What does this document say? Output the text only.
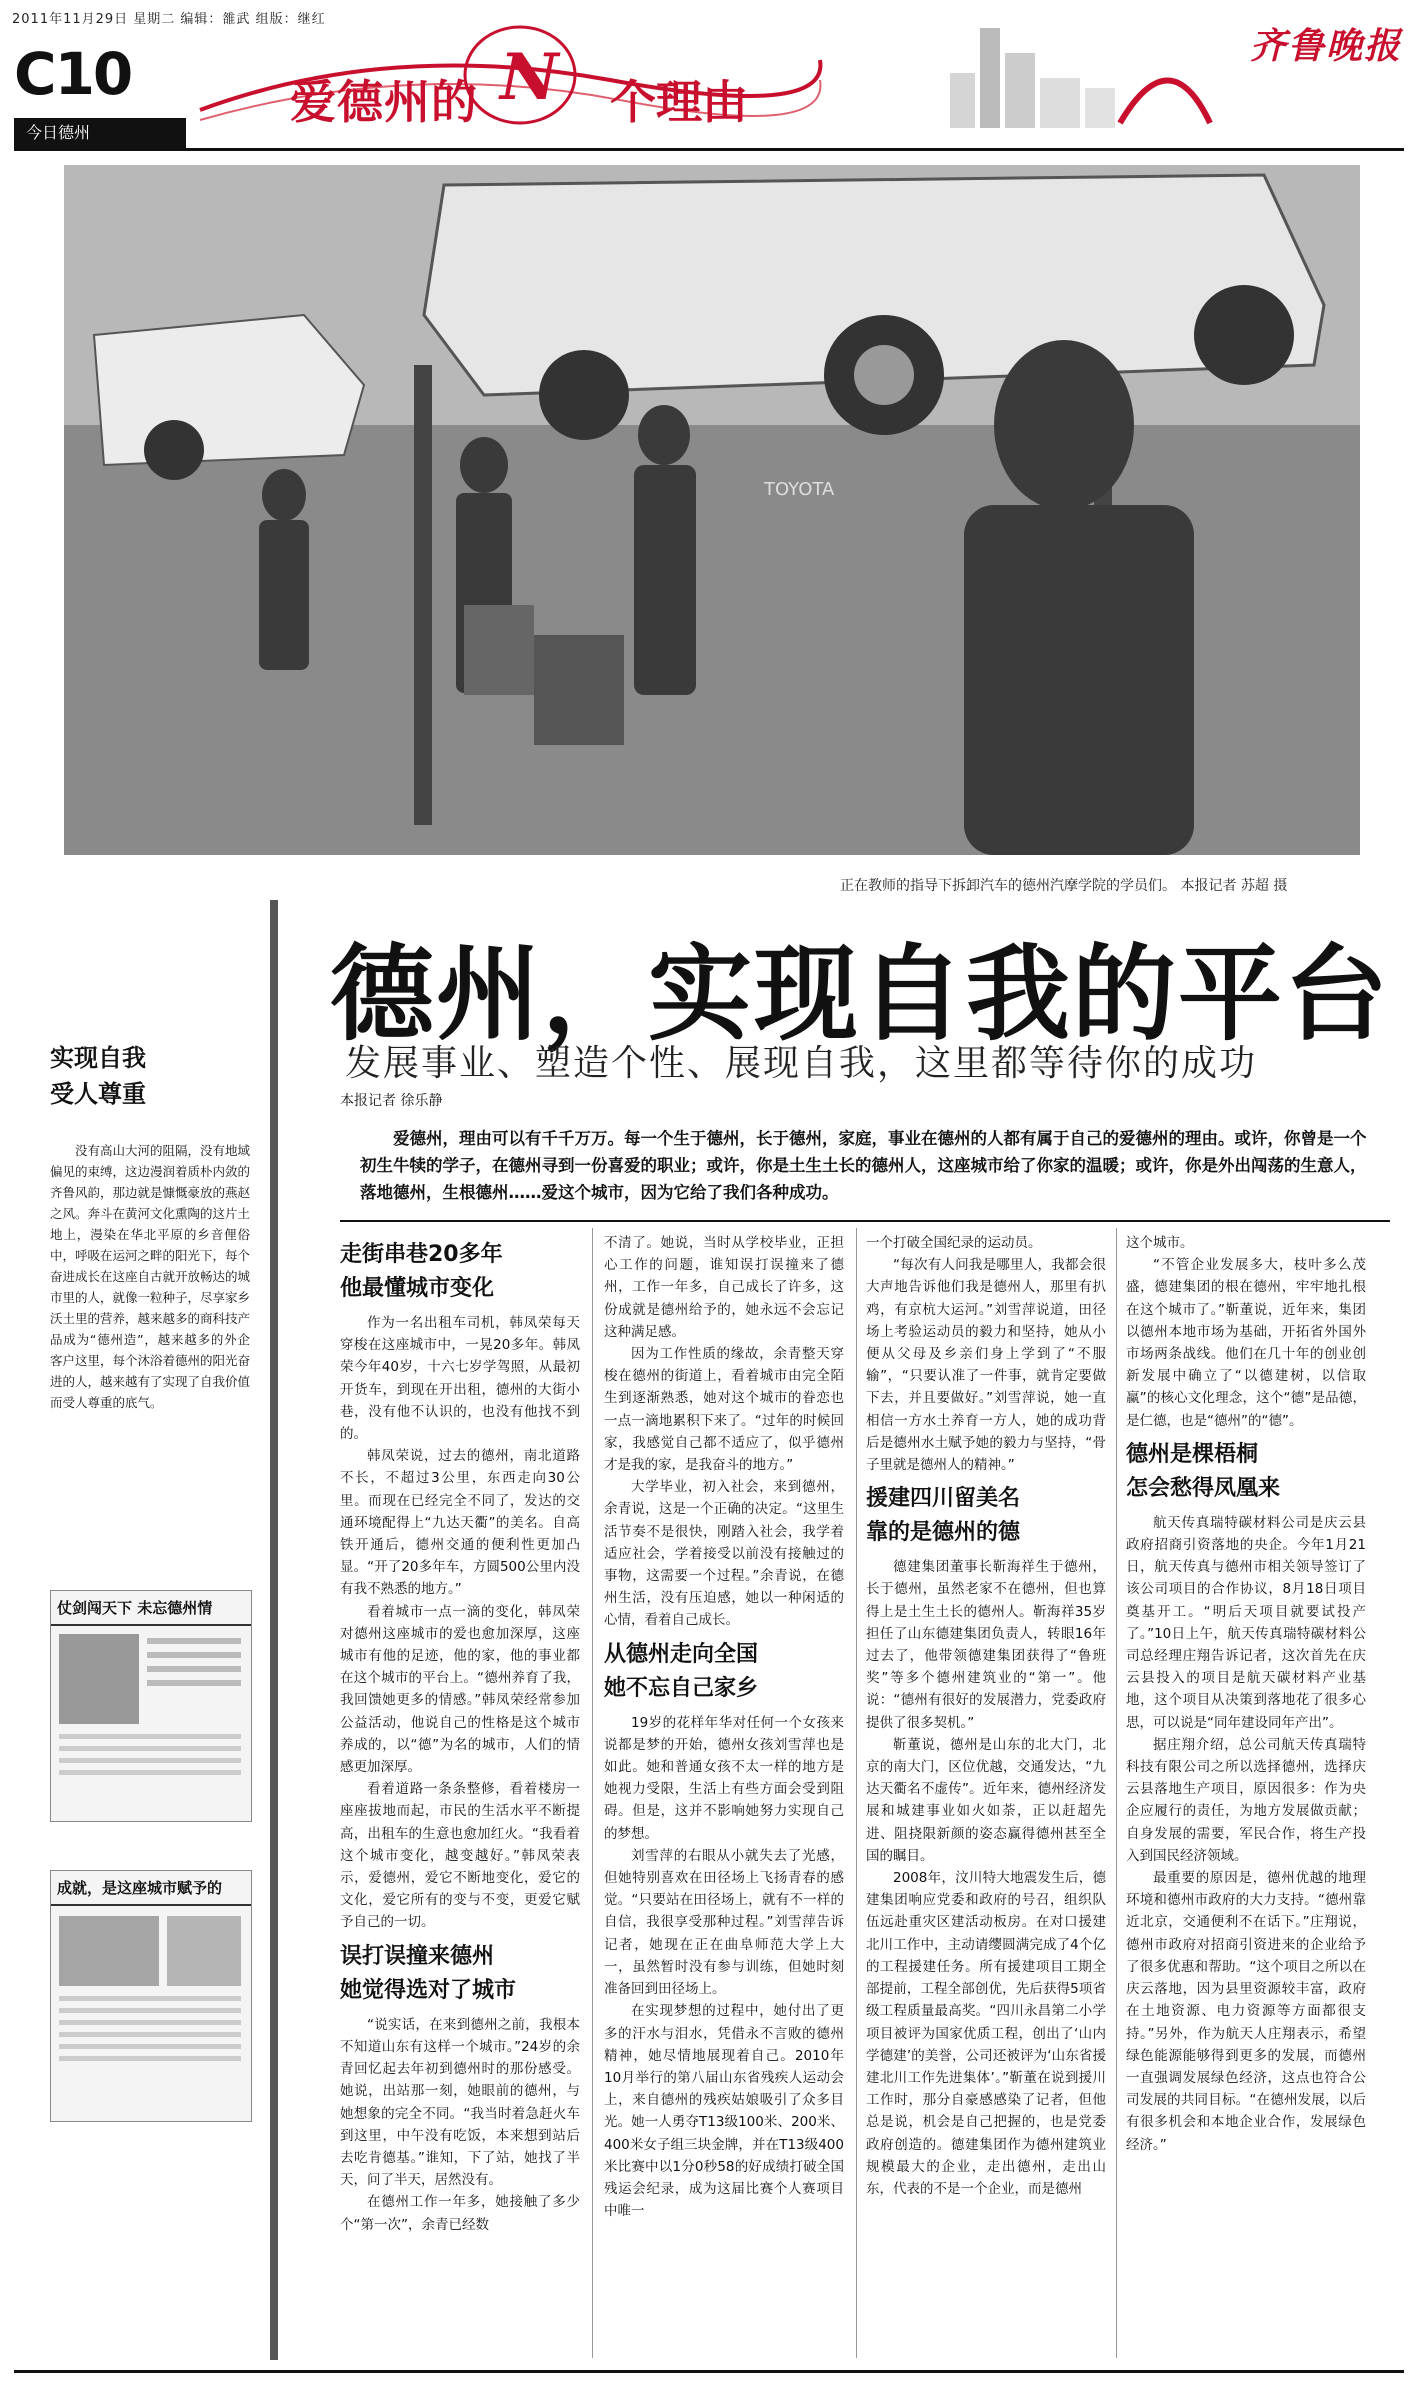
2011年11月29日 星期二 编辑：雒武 组版：继红
C10	爱德州的 N 个理由
齐鲁晚报
今日德州
TOYOTA
正在教师的指导下拆卸汽车的德州汽摩学院的学员们。 本报记者 苏超 摄
实现自我
受人尊重
没有高山大河的阻隔，没有地域偏见的束缚，这边漫润着质朴内敛的齐鲁风韵，那边就是慷慨豪放的燕赵之风。奔斗在黄河文化熏陶的这片土地上，漫染在华北平原的乡音俚俗中，呼吸在运河之畔的阳光下，每个奋进成长在这座自古就开放畅达的城市里的人，就像一粒种子，尽享家乡沃土里的营养，越来越多的商科技产品成为“德州造”，越来越多的外企客户这里，每个沐浴着德州的阳光奋进的人，越来越有了实现了自我价值而受人尊重的底气。
仗剑闯天下 未忘德州情
成就，是这座城市赋予的
德州，实现自我的平台
发展事业、塑造个性、展现自我，这里都等待你的成功
本报记者 徐乐静
爱德州，理由可以有千千万万。每一个生于德州，长于德州，家庭，事业在德州的人都有属于自己的爱德州的理由。或许，你曾是一个初生牛犊的学子，在德州寻到一份喜爱的职业；或许，你是土生土长的德州人，这座城市给了你家的温暖；或许，你是外出闯荡的生意人，落地德州，生根德州……爱这个城市，因为它给了我们各种成功。
走街串巷20多年
他最懂城市变化

作为一名出租车司机，韩凤荣每天穿梭在这座城市中，一晃20多年。韩凤荣今年40岁，十六七岁学驾照，从最初开货车，到现在开出租，德州的大街小巷，没有他不认识的，也没有他找不到的。

韩凤荣说，过去的德州，南北道路不长，不超过3公里，东西走向30公里。而现在已经完全不同了，发达的交通环境配得上“九达天衢”的美名。自高铁开通后，德州交通的便利性更加凸显。“开了20多年车，方圆500公里内没有我不熟悉的地方。”

看着城市一点一滴的变化，韩凤荣对德州这座城市的爱也愈加深厚，这座城市有他的足迹，他的家，他的事业都在这个城市的平台上。“德州养育了我，我回馈她更多的情感。”韩凤荣经常参加公益活动，他说自己的性格是这个城市养成的，以“德”为名的城市，人们的情感更加深厚。

看着道路一条条整修，看着楼房一座座拔地而起，市民的生活水平不断提高，出租车的生意也愈加红火。“我看着这个城市变化，越变越好。”韩凤荣表示，爱德州，爱它不断地变化，爱它的文化，爱它所有的变与不变，更爱它赋予自己的一切。

误打误撞来德州
她觉得选对了城市

“说实话，在来到德州之前，我根本不知道山东有这样一个城市。”24岁的余青回忆起去年初到德州时的那份感受。她说，出站那一刻，她眼前的德州，与她想象的完全不同。“我当时着急赶火车到这里，中午没有吃饭，本来想到站后去吃肯德基。”谁知，下了站，她找了半天，问了半天，居然没有。

在德州工作一年多，她接触了多少个“第一次”，余青已经数

不清了。她说，当时从学校毕业，正担心工作的问题，谁知误打误撞来了德州，工作一年多，自己成长了许多，这份成就是德州给予的，她永远不会忘记这种满足感。

因为工作性质的缘故，余青整天穿梭在德州的街道上，看着城市由完全陌生到逐渐熟悉，她对这个城市的眷恋也一点一滴地累积下来了。“过年的时候回家，我感觉自己都不适应了，似乎德州才是我的家，是我奋斗的地方。”

大学毕业，初入社会，来到德州，余青说，这是一个正确的决定。“这里生活节奏不是很快，刚踏入社会，我学着适应社会，学着接受以前没有接触过的事物，这需要一个过程。”余青说，在德州生活，没有压迫感，她以一种闲适的心情，看着自己成长。

从德州走向全国
她不忘自己家乡

19岁的花样年华对任何一个女孩来说都是梦的开始，德州女孩刘雪萍也是如此。她和普通女孩不太一样的地方是她视力受限，生活上有些方面会受到阻碍。但是，这并不影响她努力实现自己的梦想。

刘雪萍的右眼从小就失去了光感，但她特别喜欢在田径场上飞扬青春的感觉。“只要站在田径场上，就有不一样的自信，我很享受那种过程。”刘雪萍告诉记者，她现在正在曲阜师范大学上大一，虽然暂时没有参与训练，但她时刻准备回到田径场上。

在实现梦想的过程中，她付出了更多的汗水与泪水，凭借永不言败的德州精神，她尽情地展现着自己。2010年10月举行的第八届山东省残疾人运动会上，来自德州的残疾姑娘吸引了众多目光。她一人勇夺T13级100米、200米、400米女子组三块金牌，并在T13级400米比赛中以1分0秒58的好成绩打破全国残运会纪录，成为这届比赛个人赛项目中唯一

一个打破全国纪录的运动员。

“每次有人问我是哪里人，我都会很大声地告诉他们我是德州人，那里有扒鸡，有京杭大运河。”刘雪萍说道，田径场上考验运动员的毅力和坚持，她从小便从父母及乡亲们身上学到了“不服输”，“只要认准了一件事，就肯定要做下去，并且要做好。”刘雪萍说，她一直相信一方水土养育一方人，她的成功背后是德州水土赋予她的毅力与坚持，“骨子里就是德州人的精神。”

援建四川留美名
靠的是德州的德

德建集团董事长靳海祥生于德州，长于德州，虽然老家不在德州，但也算得上是土生土长的德州人。靳海祥35岁担任了山东德建集团负责人，转眼16年过去了，他带领德建集团获得了“鲁班奖”等多个德州建筑业的“第一”。他说：“德州有很好的发展潜力，党委政府提供了很多契机。”

靳董说，德州是山东的北大门，北京的南大门，区位优越，交通发达，“九达天衢名不虚传”。近年来，德州经济发展和城建事业如火如荼，正以赶超先进、阻挠限新颜的姿态赢得德州甚至全国的瞩目。

2008年，汶川特大地震发生后，德建集团响应党委和政府的号召，组织队伍远赴重灾区建活动板房。在对口援建北川工作中，主动请缨圆满完成了4个亿的工程援建任务。所有援建项目工期全部提前，工程全部创优，先后获得5项省级工程质量最高奖。“四川永昌第二小学项目被评为国家优质工程，创出了‘山内学德建’的美誉，公司还被评为‘山东省援建北川工作先进集体’。”靳董在说到援川工作时，那分自豪感感染了记者，但他总是说，机会是自己把握的，也是党委政府创造的。德建集团作为德州建筑业规模最大的企业，走出德州，走出山东，代表的不是一个企业，而是德州

这个城市。

“不管企业发展多大，枝叶多么茂盛，德建集团的根在德州，牢牢地扎根在这个城市了。”靳董说，近年来，集团以德州本地市场为基础，开拓省外国外市场两条战线。他们在几十年的创业创新发展中确立了“以德建树，以信取赢”的核心文化理念，这个“德”是品德，是仁德，也是“德州”的“德”。

德州是棵梧桐
怎会愁得凤凰来

航天传真瑞特碳材料公司是庆云县政府招商引资落地的央企。今年1月21日，航天传真与德州市相关领导签订了该公司项目的合作协议，8月18日项目奠基开工。“明后天项目就要试投产了。”10日上午，航天传真瑞特碳材料公司总经理庄翔告诉记者，这次首先在庆云县投入的项目是航天碳材料产业基地，这个项目从决策到落地花了很多心思，可以说是“同年建设同年产出”。

据庄翔介绍，总公司航天传真瑞特科技有限公司之所以选择德州，选择庆云县落地生产项目，原因很多：作为央企应履行的责任，为地方发展做贡献；自身发展的需要，军民合作，将生产投入到国民经济领域。

最重要的原因是，德州优越的地理环境和德州市政府的大力支持。“德州靠近北京，交通便利不在话下。”庄翔说，德州市政府对招商引资进来的企业给予了很多优惠和帮助。“这个项目之所以在庆云落地，因为县里资源较丰富，政府在土地资源、电力资源等方面都很支持。”另外，作为航天人庄翔表示，希望绿色能源能够得到更多的发展，而德州一直强调发展绿色经济，这点也符合公司发展的共同目标。“在德州发展，以后有很多机会和本地企业合作，发展绿色经济。”
